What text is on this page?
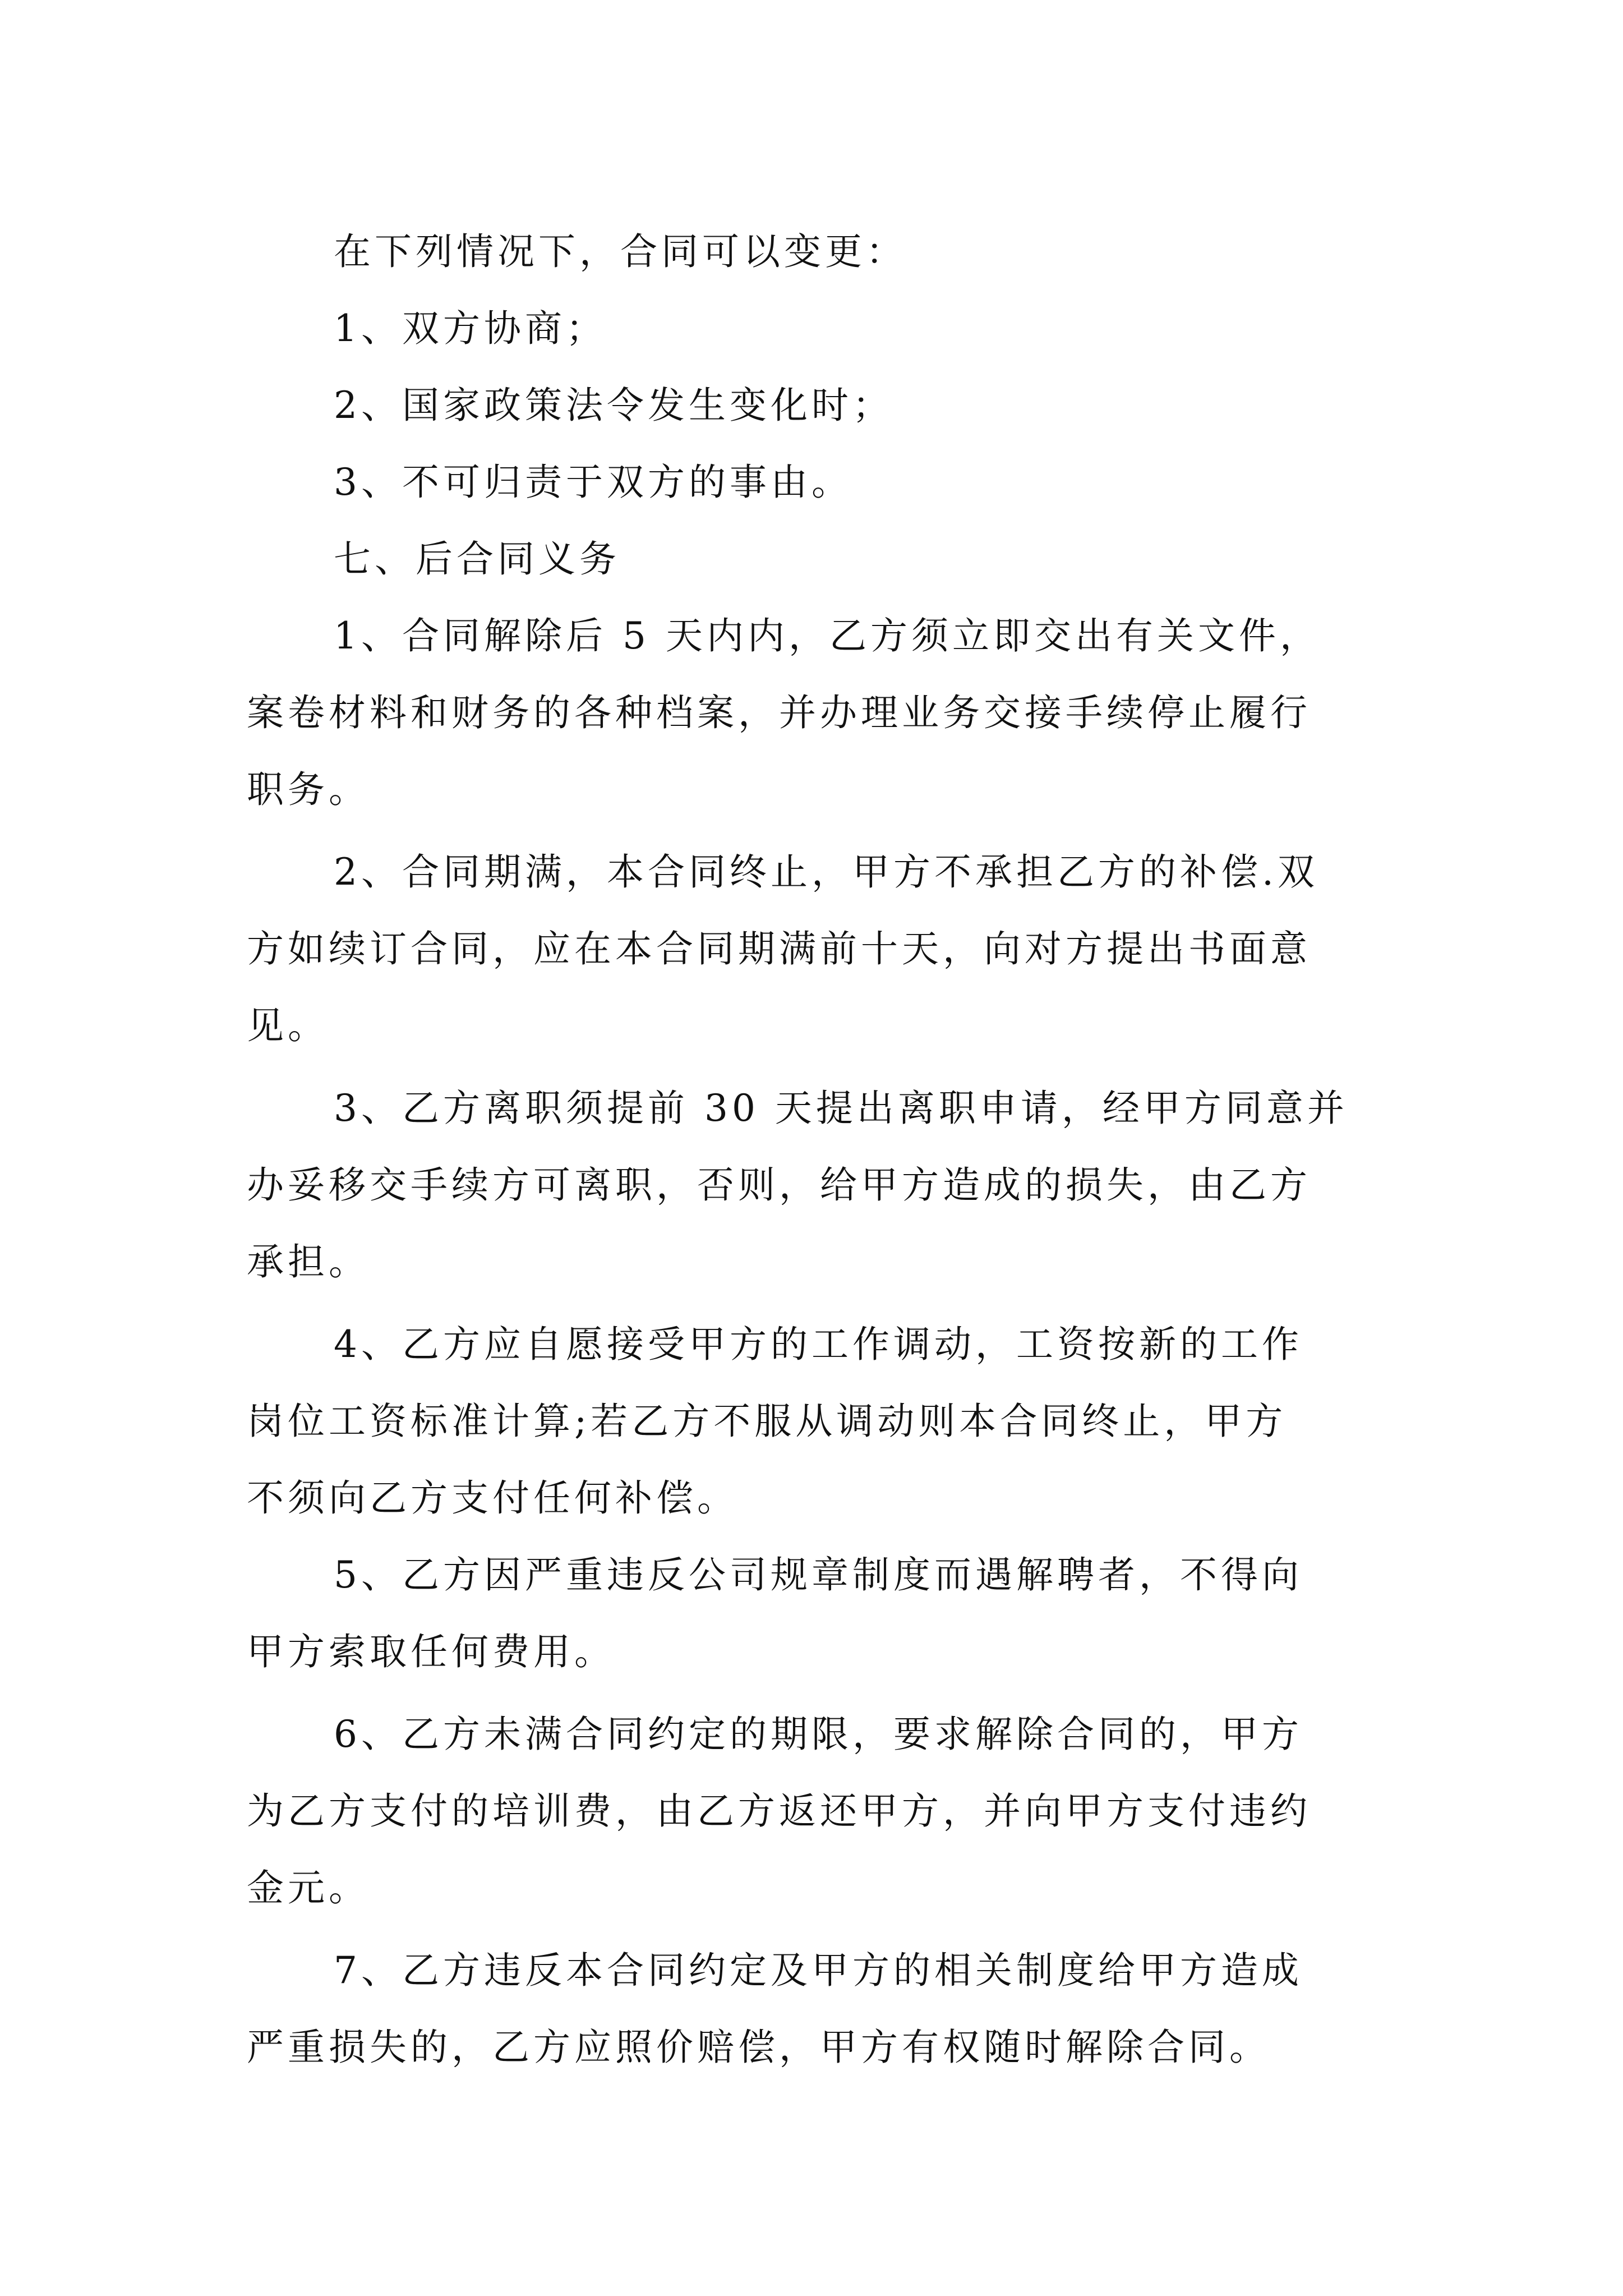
在下列情况下，合同可以变更：
1、双方协商；
2、国家政策法令发生变化时；
3、不可归责于双方的事由。
七、后合同义务
1、合同解除后 5 天内内，乙方须立即交出有关文件，
案卷材料和财务的各种档案，并办理业务交接手续停止履行
职务。
2、合同期满，本合同终止，甲方不承担乙方的补偿.双
方如续订合同，应在本合同期满前十天，向对方提出书面意
见。
3、乙方离职须提前 30 天提出离职申请，经甲方同意并
办妥移交手续方可离职，否则，给甲方造成的损失，由乙方
承担。
4、乙方应自愿接受甲方的工作调动，工资按新的工作
岗位工资标准计算;若乙方不服从调动则本合同终止，甲方
不须向乙方支付任何补偿。
5、乙方因严重违反公司规章制度而遇解聘者，不得向
甲方索取任何费用。
6、乙方未满合同约定的期限，要求解除合同的，甲方
为乙方支付的培训费，由乙方返还甲方，并向甲方支付违约
金元。
7、乙方违反本合同约定及甲方的相关制度给甲方造成
严重损失的，乙方应照价赔偿，甲方有权随时解除合同。
